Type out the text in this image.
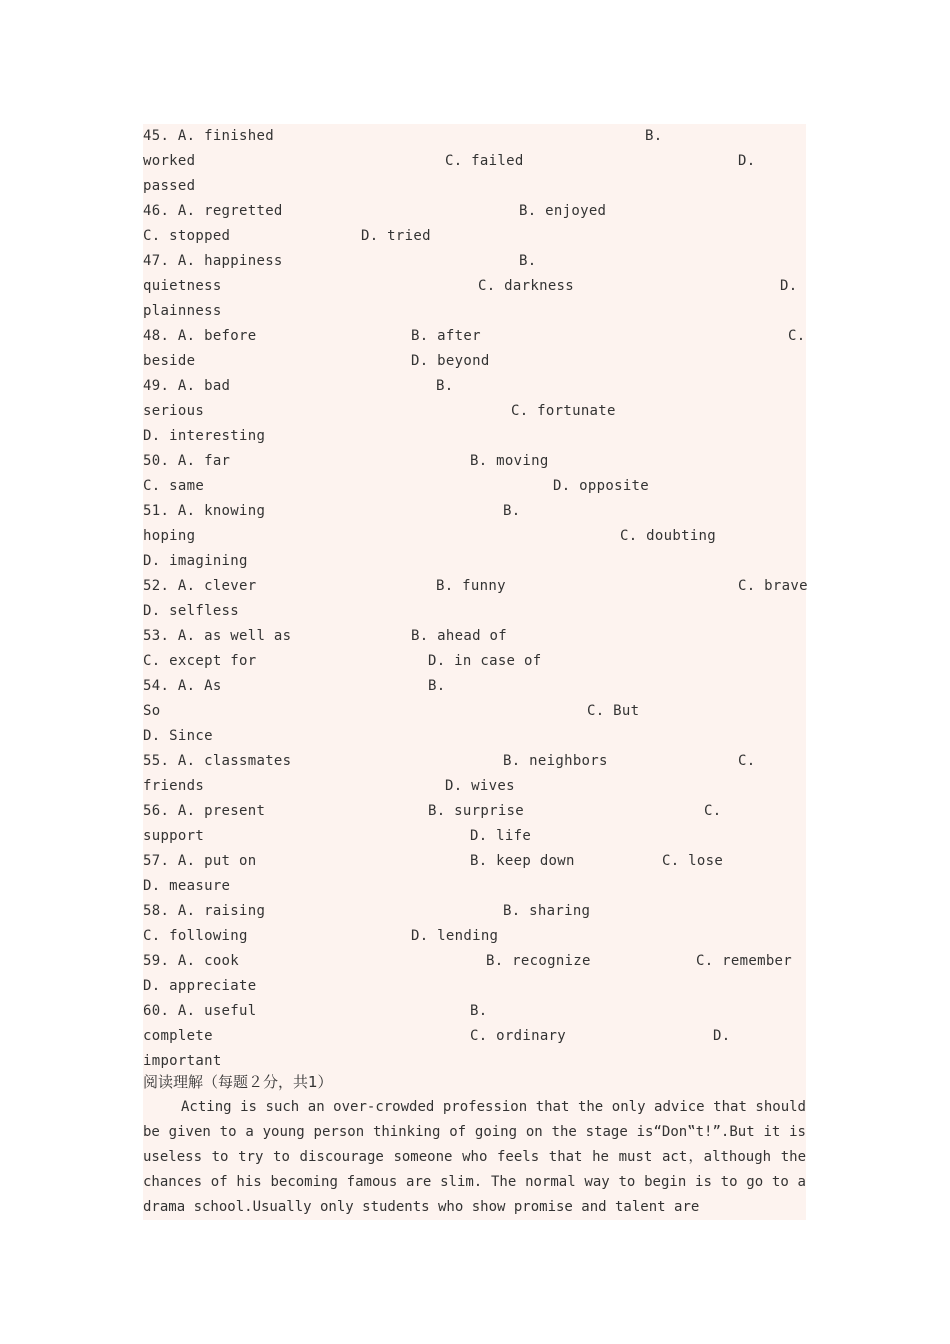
45. A. finished	B.
worked	C. failed	D.
passed
46. A. regretted	B. enjoyed
C. stopped	D. tried
47. A. happiness	B.
quietness	C. darkness	D.
plainness
48. A. before	B. after	C.
beside	D. beyond
49. A. bad	B.
serious	C. fortunate
D. interesting
50. A. far	B. moving
C. same	D. opposite
51. A. knowing	B.
hoping	C. doubting
D. imagining
52. A. clever	B. funny	C. brave
D. selfless
53. A. as well as	B. ahead of
C. except for	D. in case of
54. A. As	B.
So	C. But
D. Since
55. A. classmates	B. neighbors	C.
friends	D. wives
56. A. present	B. surprise	C.
support	D. life
57. A. put on	B. keep down	C. lose
D. measure
58. A. raising	B. sharing
C. following	D. lending
59. A. cook	B. recognize	C. remember
D. appreciate
60. A. useful	B.
complete	C. ordinary	D.
important
阅读理解（每题２分，共1）
Acting is such an over-crowded profession that the only advice that should be given to a young person thinking of going on the stage is“Don‟t!”.But it is useless to try to discourage someone who feels that he must act，although the chances of his becoming famous are slim. The normal way to begin is to go to a drama school.Usually only students who show promise and talent are
